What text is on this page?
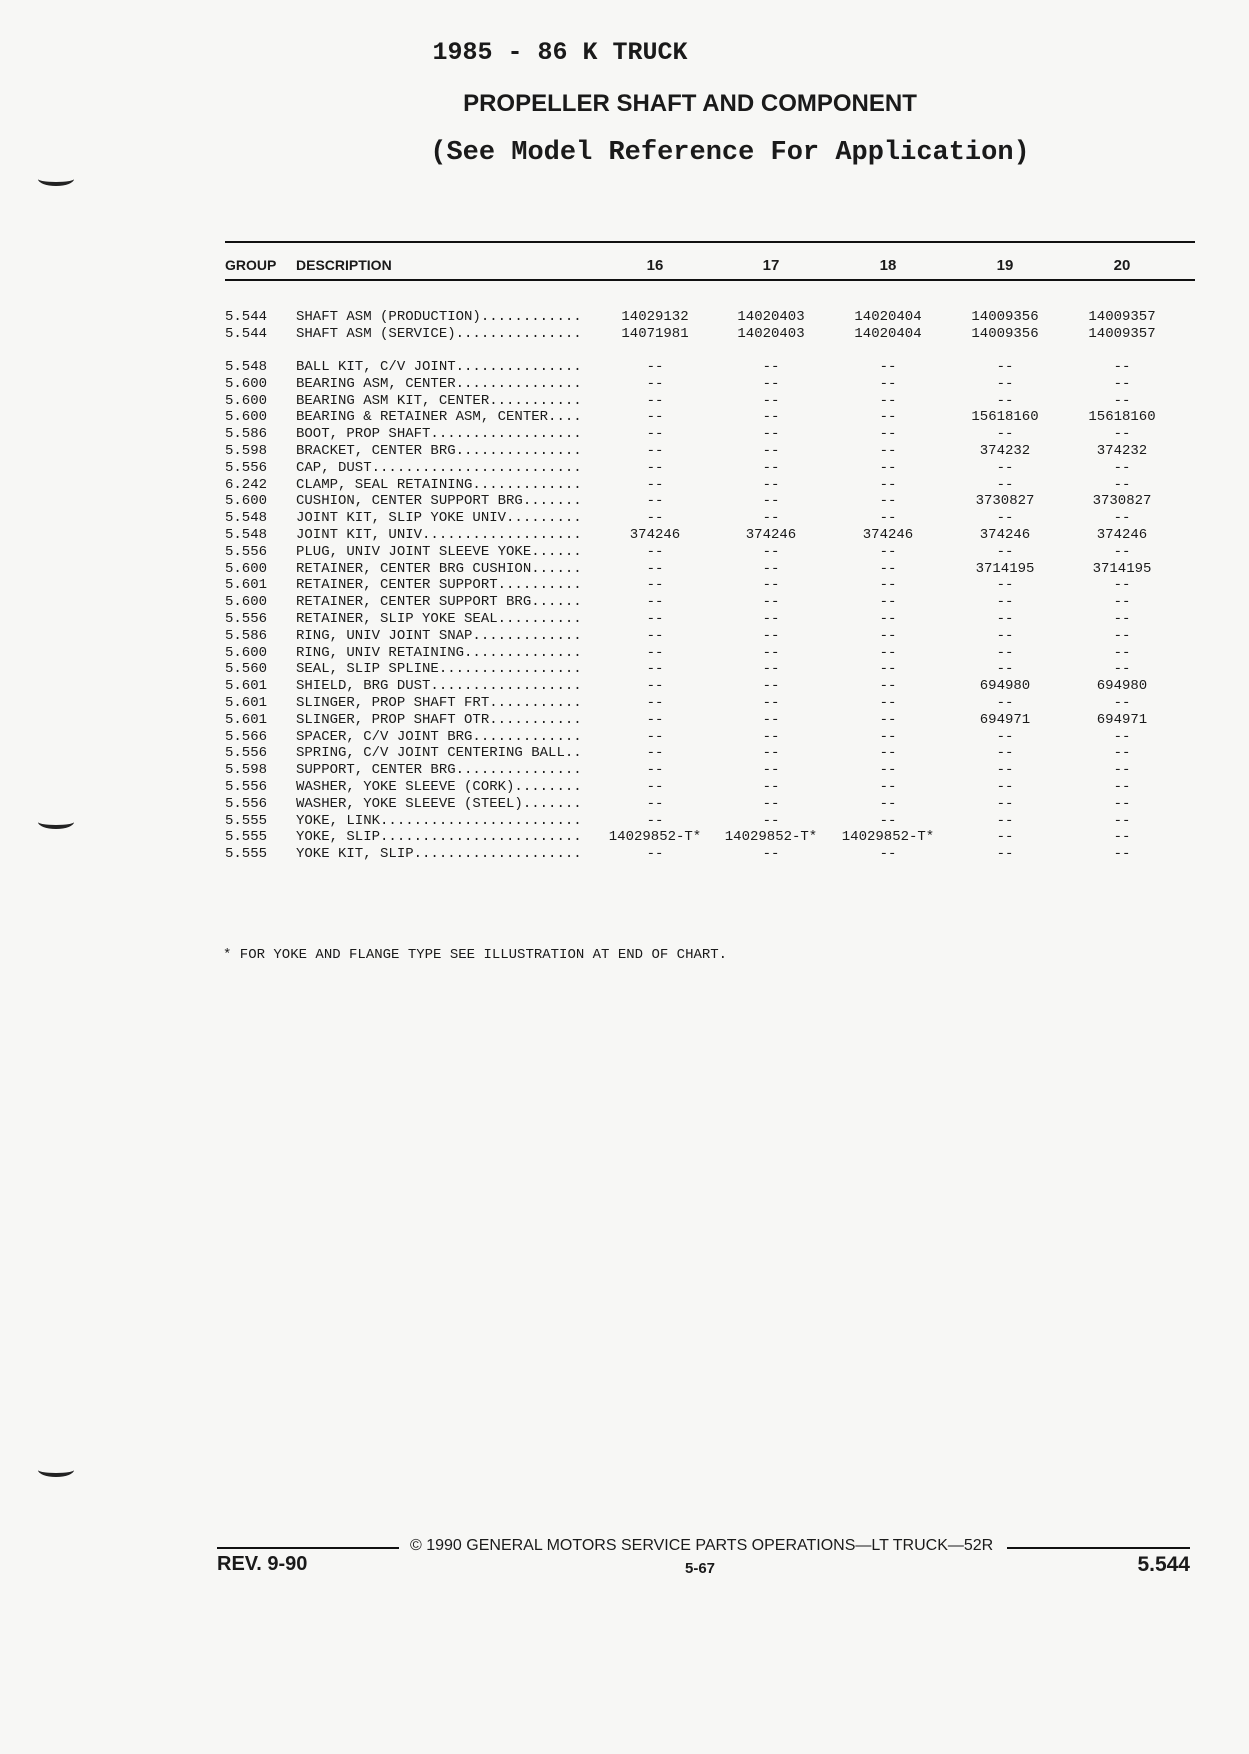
1985 - 86 K TRUCK
PROPELLER SHAFT AND COMPONENT
(See Model Reference For Application)
GROUP DESCRIPTION	16	17	18	19	20
5.544	SHAFT ASM (PRODUCTION)............	14029132	14020403	14020404	14009356	14009357
5.544	SHAFT ASM (SERVICE)...............	14071981	14020403	14020404	14009356	14009357
5.548	BALL KIT, C/V JOINT...............	--	--	--	--	--
5.600	BEARING ASM, CENTER...............	--	--	--	--	--
5.600	BEARING ASM KIT, CENTER...........	--	--	--	--	--
5.600	BEARING & RETAINER ASM, CENTER....	--	--	--	15618160	15618160
5.586	BOOT, PROP SHAFT..................	--	--	--	--	--
5.598	BRACKET, CENTER BRG...............	--	--	--	374232	374232
5.556	CAP, DUST.........................	--	--	--	--	--
6.242	CLAMP, SEAL RETAINING.............	--	--	--	--	--
5.600	CUSHION, CENTER SUPPORT BRG.......	--	--	--	3730827	3730827
5.548	JOINT KIT, SLIP YOKE UNIV.........	--	--	--	--	--
5.548	JOINT KIT, UNIV...................	374246	374246	374246	374246	374246
5.556	PLUG, UNIV JOINT SLEEVE YOKE......	--	--	--	--	--
5.600	RETAINER, CENTER BRG CUSHION......	--	--	--	3714195	3714195
5.601	RETAINER, CENTER SUPPORT..........	--	--	--	--	--
5.600	RETAINER, CENTER SUPPORT BRG......	--	--	--	--	--
5.556	RETAINER, SLIP YOKE SEAL..........	--	--	--	--	--
5.586	RING, UNIV JOINT SNAP.............	--	--	--	--	--
5.600	RING, UNIV RETAINING..............	--	--	--	--	--
5.560	SEAL, SLIP SPLINE.................	--	--	--	--	--
5.601	SHIELD, BRG DUST..................	--	--	--	694980	694980
5.601	SLINGER, PROP SHAFT FRT...........	--	--	--	--	--
5.601	SLINGER, PROP SHAFT OTR...........	--	--	--	694971	694971
5.566	SPACER, C/V JOINT BRG.............	--	--	--	--	--
5.556	SPRING, C/V JOINT CENTERING BALL..	--	--	--	--	--
5.598	SUPPORT, CENTER BRG...............	--	--	--	--	--
5.556	WASHER, YOKE SLEEVE (CORK)........	--	--	--	--	--
5.556	WASHER, YOKE SLEEVE (STEEL).......	--	--	--	--	--
5.555	YOKE, LINK........................	--	--	--	--	--
5.555	YOKE, SLIP........................	14029852-T*	14029852-T*	14029852-T*	--	--
5.555	YOKE KIT, SLIP....................	--	--	--	--	--
* FOR YOKE AND FLANGE TYPE SEE ILLUSTRATION AT END OF CHART.
© 1990 GENERAL MOTORS SERVICE PARTS OPERATIONS—LT TRUCK—52R
REV. 9-90	5-67	5.544
